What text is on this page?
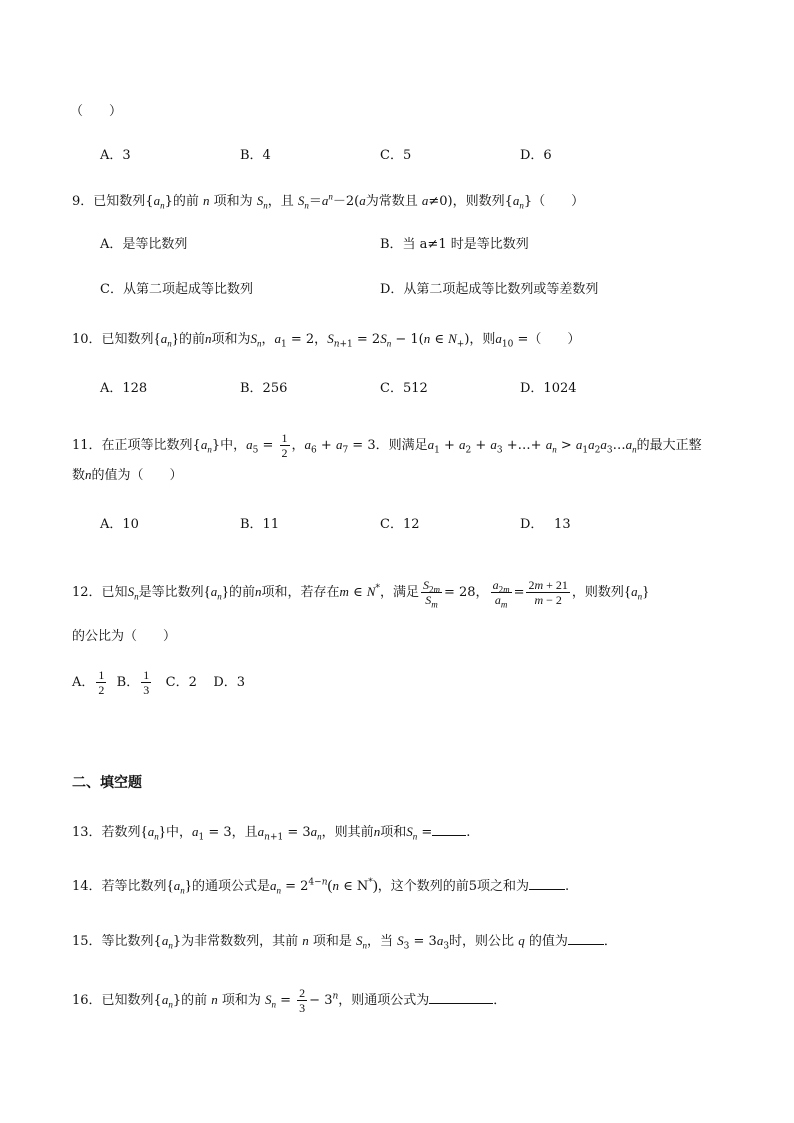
（　　）
A．3	B．4	C．5	D．6
9．已知数列$\{a_n\}$的前 n 项和为 $S_n$，且 $S_n=a^n-2(a$为常数且 a≠0)，则数列$\{a_n\}$（　　）
A．是等比数列	B．当 a≠1 时是等比数列
C．从第二项起成等比数列	D．从第二项起成等比数列或等差数列
10．已知数列$\{a_n\}$的前n项和为$S_n$，$a_1 = 2$，$S_{n+1} = 2S_n - 1(n$ ∈ $N_+$)，则$a_{10}$ =（　　）
A．128	B．256	C．512	D．1024
11．在正项等比数列$\{a_n\}$中，$a_5 = \frac{1}{2}$ ，$a_6 + a_7 = 3$．则满足$a_1 + a_2 + a_3$ +…+ $a_n$ > $a_1a_2a_3\dots a_n$的最大正整
数n的值为（　　）
A．10	B．11	C．12	D．　 13
12．已知$S_n$是等比数列$\{a_n\}$的前n项和，若存在m ∈ N*，满足 $\frac{S_{2m}}{S_m} = 28$， $\frac{a_{2m}}{a_m} = \frac{2m + 21}{m - 2}$ ，则数列$\{a_n\}$
的公比为（　　）
A． $\frac{1}{2}$ B． $\frac{1}{3}$ C．2 D．3
二、填空题
13．若数列$\{a_n\}$中，$a_1 = 3$，且$a_{n+1} = 3a_n$，则其前n项和$S_n$ =	.
14．若等比数列$\{a_n\}$的通项公式是$a_n = 2^{4-n}(n$ ∈ N*)，这个数列的前5项之和为	.
15．等比数列$\{a_n\}$为非常数数列，其前 n 项和是 $S_n$，当 $S_3 = 3a_3$时，则公比 q 的值为	．
16．已知数列$\{a_n\}$的前 n 项和为 $S_n = \frac{2}{3} - 3^n$，则通项公式为	．
